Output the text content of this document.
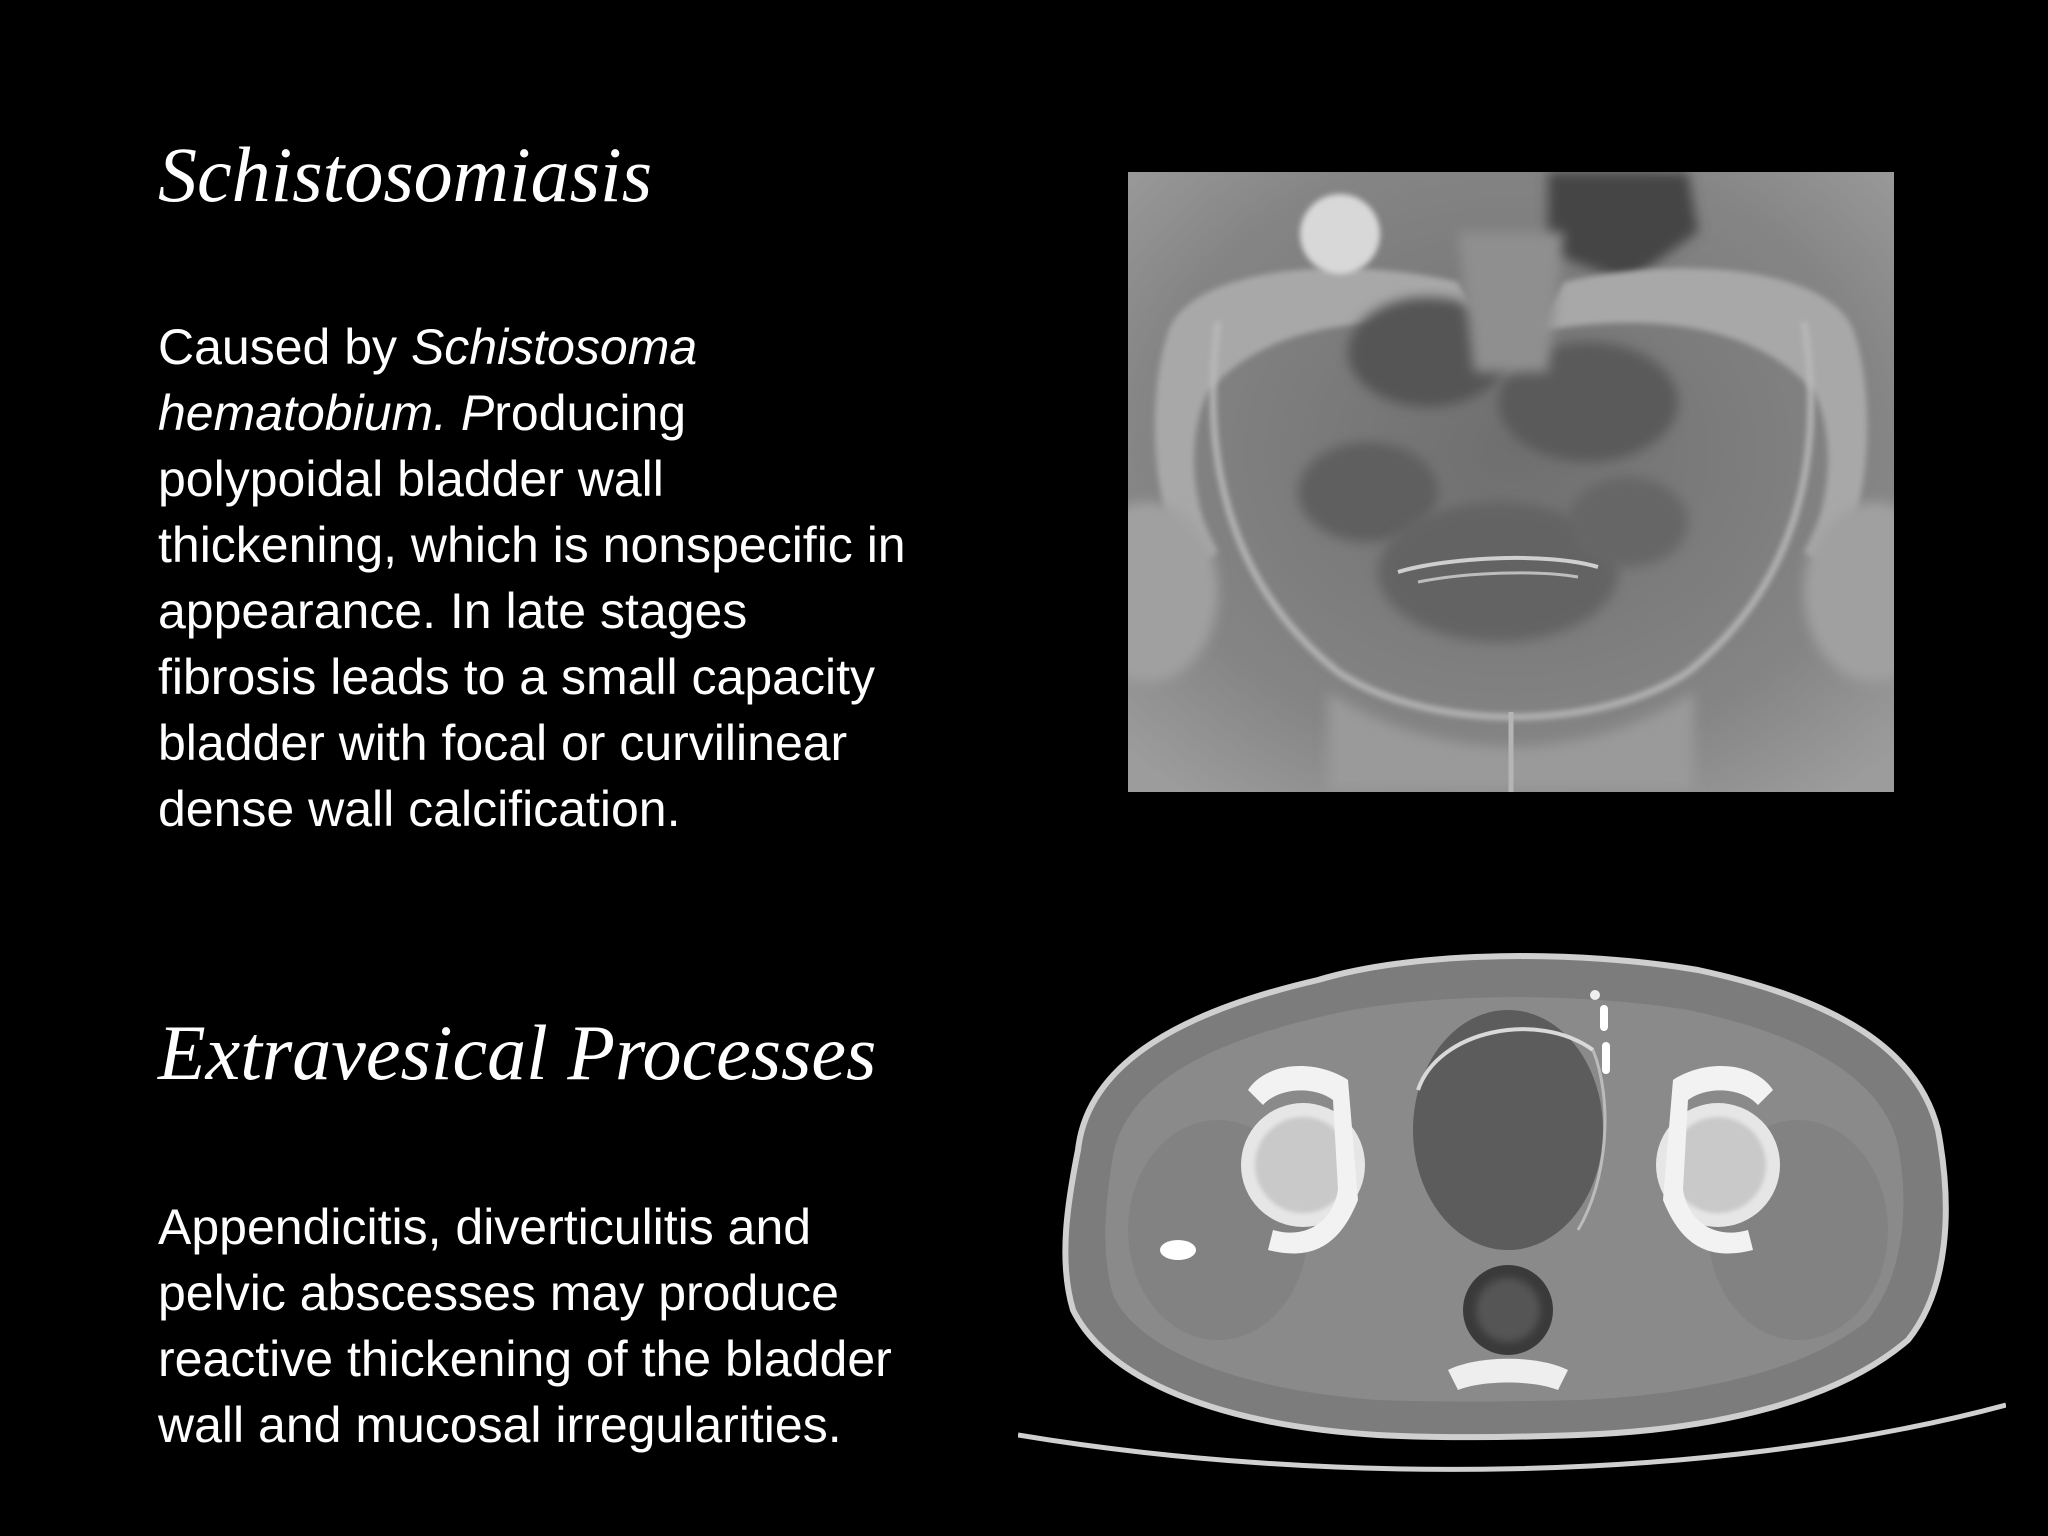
Schistosomiasis

Caused by Schistosoma
hematobium. Producing
polypoidal bladder wall
thickening, which is nonspecific in
appearance. In late stages
fibrosis leads to a small capacity
bladder with focal or curvilinear
dense wall calcification.

Extravesical Processes

Appendicitis, diverticulitis and
pelvic abscesses may produce
reactive thickening of the bladder
wall and mucosal irregularities.
